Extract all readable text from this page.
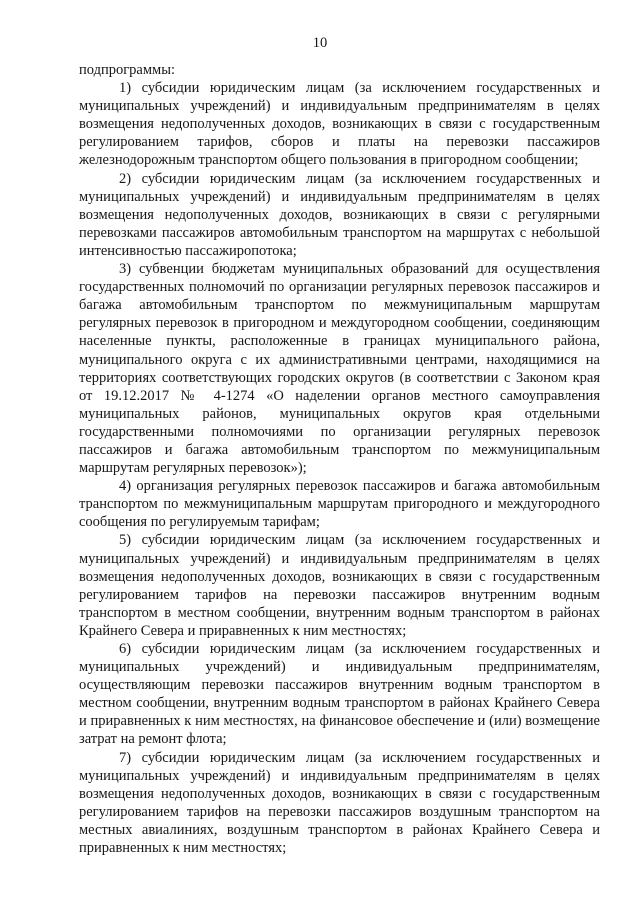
10

подпрограммы:

1) субсидии юридическим лицам (за исключением государственных и муниципальных учреждений) и индивидуальным предпринимателям в целях возмещения недополученных доходов, возникающих в связи с государственным регулированием тарифов, сборов и платы на перевозки пассажиров железнодорожным транспортом общего пользования в пригородном сообщении;

2) субсидии юридическим лицам (за исключением государственных и муниципальных учреждений) и индивидуальным предпринимателям в целях возмещения недополученных доходов, возникающих в связи с регулярными перевозками пассажиров автомобильным транспортом на маршрутах с небольшой интенсивностью пассажиропотока;

3) субвенции бюджетам муниципальных образований для осуществления государственных полномочий по организации регулярных перевозок пассажиров и багажа автомобильным транспортом по межмуниципальным маршрутам регулярных перевозок в пригородном и междугородном сообщении, соединяющим населенные пункты, расположенные в границах муниципального района, муниципального округа с их административными центрами, находящимися на территориях соответствующих городских округов (в соответствии с Законом края от 19.12.2017 № 4-1274 «О наделении органов местного самоуправления муниципальных районов, муниципальных округов края отдельными государственными полномочиями по организации регулярных перевозок пассажиров и багажа автомобильным транспортом по межмуниципальным маршрутам регулярных перевозок»);

4) организация регулярных перевозок пассажиров и багажа автомобильным транспортом по межмуниципальным маршрутам пригородного и междугородного сообщения по регулируемым тарифам;

5) субсидии юридическим лицам (за исключением государственных и муниципальных учреждений) и индивидуальным предпринимателям в целях возмещения недополученных доходов, возникающих в связи с государственным регулированием тарифов на перевозки пассажиров внутренним водным транспортом в местном сообщении, внутренним водным транспортом в районах Крайнего Севера и приравненных к ним местностях;

6) субсидии юридическим лицам (за исключением государственных и муниципальных учреждений) и индивидуальным предпринимателям, осуществляющим перевозки пассажиров внутренним водным транспортом в местном сообщении, внутренним водным транспортом в районах Крайнего Севера и приравненных к ним местностях, на финансовое обеспечение и (или) возмещение затрат на ремонт флота;

7) субсидии юридическим лицам (за исключением государственных и муниципальных учреждений) и индивидуальным предпринимателям в целях возмещения недополученных доходов, возникающих в связи с государственным регулированием тарифов на перевозки пассажиров воздушным транспортом на местных авиалиниях, воздушным транспортом в районах Крайнего Севера и приравненных к ним местностях;
